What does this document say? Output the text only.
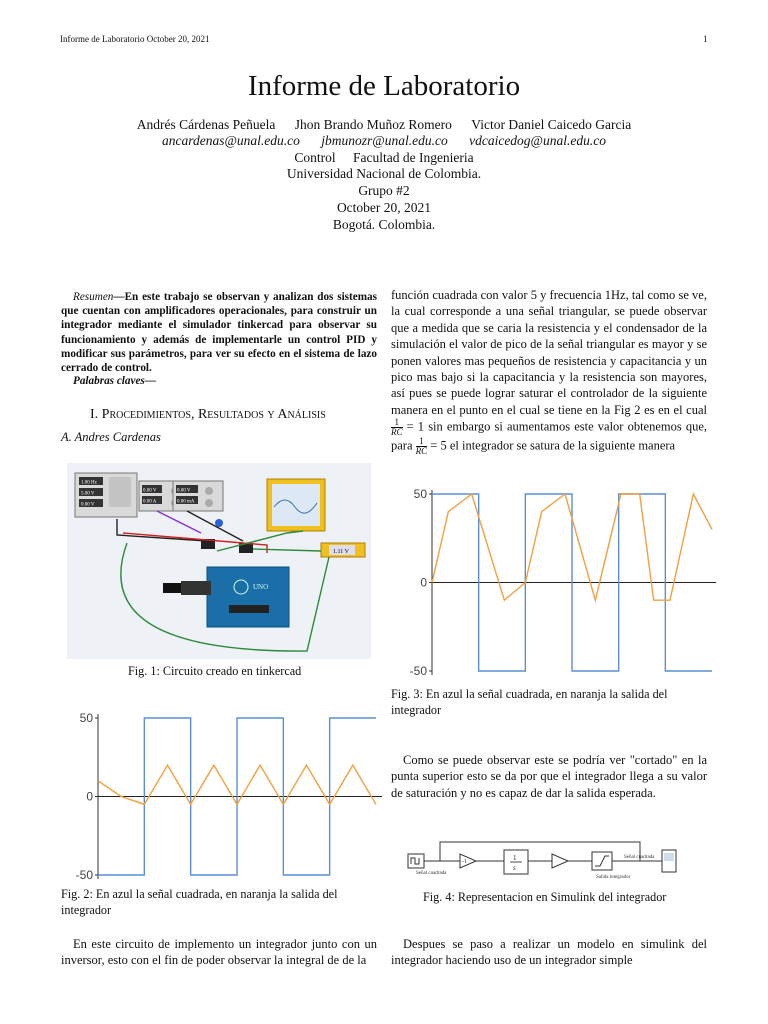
Informe de Laboratorio October 20, 2021	1
Informe de Laboratorio
Andrés Cárdenas Peñuela Jhon Brando Muñoz Romero Victor Daniel Caicedo Garcia
ancardenas@unal.edu.co jbmunozr@unal.edu.co vdcaicedog@unal.edu.co
Control Facultad de Ingenieria
Universidad Nacional de Colombia.
Grupo #2
October 20, 2021
Bogotá. Colombia.
Resumen—En este trabajo se observan y analizan dos sistemas que cuentan con amplificadores operacionales, para construir un integrador mediante el simulador tinkercad para observar su funcionamiento y además de implementarle un control PID y modificar sus parámetros, para ver su efecto en el sistema de lazo cerrado de control.
Palabras claves—
I. Procedimientos, Resultados y Análisis
A. Andres Cardenas
1.00 Hz
5.00 V
0.00 V
0.00 V
0.00 A
0.00 V
0.00 mA
1.11 V
UNO
Fig. 1: Circuito creado en tinkercad
50
0
-50
Fig. 2: En azul la señal cuadrada, en naranja la salida del integrador
En este circuito de implemento un integrador junto con un inversor, esto con el fin de poder observar la integral de de la
función cuadrada con valor 5 y frecuencia 1Hz, tal como se ve, la cual corresponde a una señal triangular, se puede observar que a medida que se caria la resistencia y el condensador de la simulación el valor de pico de la señal triangular es mayor y se ponen valores mas pequeños de resistencia y capacitancia y un pico mas bajo si la capacitancia y la resistencia son mayores, así pues se puede lograr saturar el controlador de la siguiente manera en el punto en el cual se tiene en la Fig 2 es en el cual
$\frac{1}{RC} = 1$ sin embargo si aumentamos este valor obtenemos que, para $\frac{1}{RC} = 5$ el integrador se satura de la siguiente manera
50
0
-50
Fig. 3: En azul la señal cuadrada, en naranja la salida del integrador
Como se puede observar este se podría ver "cortado" en la punta superior esto se da por que el integrador llega a su valor de saturación y no es capaz de dar la salida esperada.
Señal cuadrada
-1	1
s
Salida integrador
Señal cuadrada
Fig. 4: Representacion en Simulink del integrador
Despues se paso a realizar un modelo en simulink del integrador haciendo uso de un integrador simple
